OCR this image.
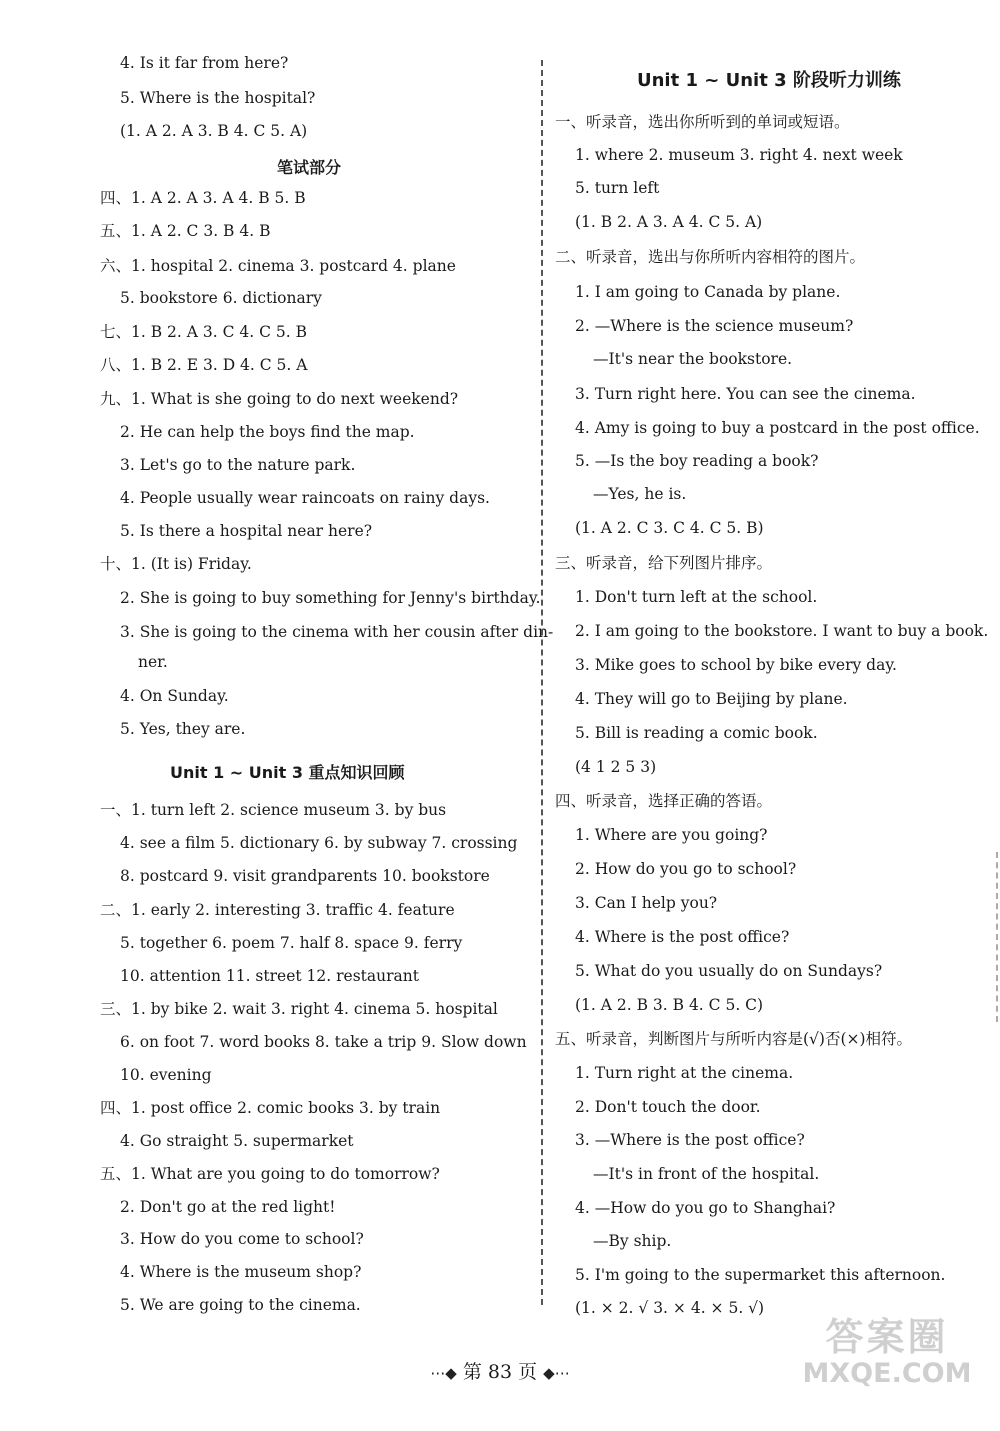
4. Is it far from here?
5. Where is the hospital?
(1. A 2. A 3. B 4. C 5. A)
笔试部分
四、1. A 2. A 3. A 4. B 5. B
五、1. A 2. C 3. B 4. B
六、1. hospital 2. cinema 3. postcard 4. plane
5. bookstore 6. dictionary
七、1. B 2. A 3. C 4. C 5. B
八、1. B 2. E 3. D 4. C 5. A
九、1. What is she going to do next weekend?
2. He can help the boys find the map.
3. Let's go to the nature park.
4. People usually wear raincoats on rainy days.
5. Is there a hospital near here?
十、1. (It is) Friday.
2. She is going to buy something for Jenny's birthday.
3. She is going to the cinema with her cousin after din-
ner.
4. On Sunday.
5. Yes, they are.
Unit 1 ~ Unit 3 重点知识回顾
一、1. turn left 2. science museum 3. by bus
4. see a film 5. dictionary 6. by subway 7. crossing
8. postcard 9. visit grandparents 10. bookstore
二、1. early 2. interesting 3. traffic 4. feature
5. together 6. poem 7. half 8. space 9. ferry
10. attention 11. street 12. restaurant
三、1. by bike 2. wait 3. right 4. cinema 5. hospital
6. on foot 7. word books 8. take a trip 9. Slow down
10. evening
四、1. post office 2. comic books 3. by train
4. Go straight 5. supermarket
五、1. What are you going to do tomorrow?
2. Don't go at the red light!
3. How do you come to school?
4. Where is the museum shop?
5. We are going to the cinema.
Unit 1 ~ Unit 3 阶段听力训练
一、听录音，选出你所听到的单词或短语。
1. where 2. museum 3. right 4. next week
5. turn left
(1. B 2. A 3. A 4. C 5. A)
二、听录音，选出与你所听内容相符的图片。
1. I am going to Canada by plane.
2. —Where is the science museum?
—It's near the bookstore.
3. Turn right here. You can see the cinema.
4. Amy is going to buy a postcard in the post office.
5. —Is the boy reading a book?
—Yes, he is.
(1. A 2. C 3. C 4. C 5. B)
三、听录音，给下列图片排序。
1. Don't turn left at the school.
2. I am going to the bookstore. I want to buy a book.
3. Mike goes to school by bike every day.
4. They will go to Beijing by plane.
5. Bill is reading a comic book.
(4 1 2 5 3)
四、听录音，选择正确的答语。
1. Where are you going?
2. How do you go to school?
3. Can I help you?
4. Where is the post office?
5. What do you usually do on Sundays?
(1. A 2. B 3. B 4. C 5. C)
五、听录音，判断图片与所听内容是(√)否(×)相符。
1. Turn right at the cinema.
2. Don't touch the door.
3. —Where is the post office?
—It's in front of the hospital.
4. —How do you go to Shanghai?
—By ship.
5. I'm going to the supermarket this afternoon.
(1. × 2. √ 3. × 4. × 5. √)
⋯◆ 第 83 页 ◆⋯
答案圈
MXQE.COM
